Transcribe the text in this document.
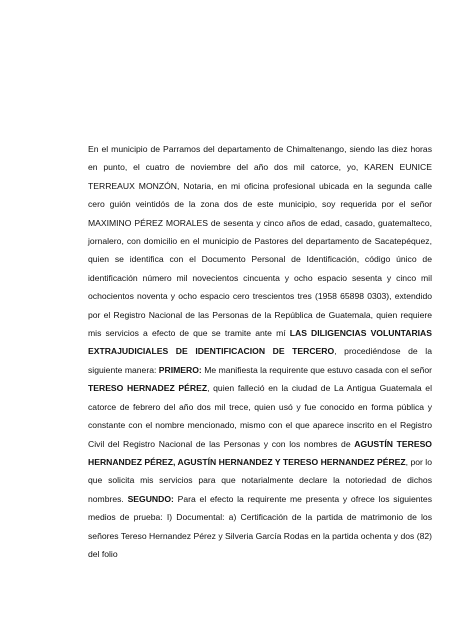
En el municipio de Parramos del departamento de Chimaltenango, siendo las diez horas en punto, el cuatro de noviembre del año dos mil catorce, yo, KAREN EUNICE TERREAUX MONZÓN, Notaria, en mi oficina profesional ubicada en la segunda calle cero guión veintidós de la zona dos de este municipio, soy requerida por el señor MAXIMINO PÉREZ MORALES de sesenta y cinco años de edad, casado, guatemalteco, jornalero, con domicilio en el municipio de Pastores del departamento de Sacatepéquez, quien se identifica con el Documento Personal de Identificación, código único de identificación número mil novecientos cincuenta y ocho espacio sesenta y cinco mil ochocientos noventa y ocho espacio cero trescientos tres (1958 65898 0303), extendido por el Registro Nacional de las Personas de la República de Guatemala, quien requiere mis servicios a efecto de que se tramite ante mí LAS DILIGENCIAS VOLUNTARIAS EXTRAJUDICIALES DE IDENTIFICACION DE TERCERO, procediéndose de la siguiente manera: PRIMERO: Me manifiesta la requirente que estuvo casada con el señor TERESO HERNADEZ PÉREZ, quien falleció en la ciudad de La Antigua Guatemala el catorce de febrero del año dos mil trece, quien usó y fue conocido en forma pública y constante con el nombre mencionado, mismo con el que aparece inscrito en el Registro Civil del Registro Nacional de las Personas y con los nombres de AGUSTÍN TERESO HERNANDEZ PÉREZ, AGUSTÍN HERNANDEZ Y TERESO HERNANDEZ PÉREZ, por lo que solicita mis servicios para que notarialmente declare la notoriedad de dichos nombres. SEGUNDO: Para el efecto la requirente me presenta y ofrece los siguientes medios de prueba: I) Documental: a) Certificación de la partida de matrimonio de los señores Tereso Hernandez Pérez y Silveria García Rodas en la partida ochenta y dos (82) del folio
